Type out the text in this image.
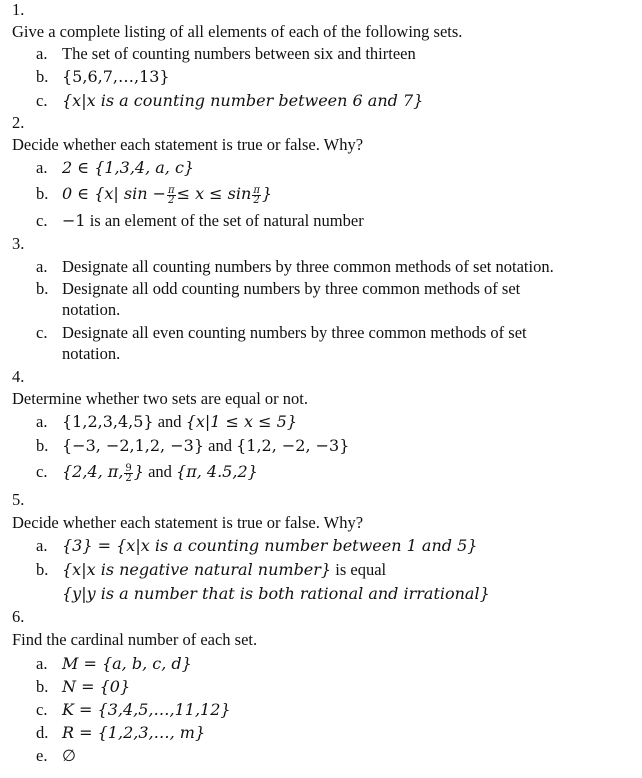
1.
Give a complete listing of all elements of each of the following sets.
a. The set of counting numbers between six and thirteen
b. {5,6,7,…,13}
c. {x|x is a counting number between 6 and 7}
2.
Decide whether each statement is true or false. Why?
a. 2 ∈ {1,3,4, a, c}
b. 0 ∈ {x| $\sin - \frac{\pi}{2} \le x \le \sin \frac{\pi}{2}$ }
c. −1 is an element of the set of natural number
3.
a. Designate all counting numbers by three common methods of set notation.
b. Designate all odd counting numbers by three common methods of set
notation.
c. Designate all even counting numbers by three common methods of set
notation.
4.
Determine whether two sets are equal or not.
a. {1,2,3,4,5} and {x|1 ≤ x ≤ 5}
b. {−3, −2,1,2, −3} and {1,2, −2, −3}
c. {2,4, π, $\frac{9}{2}$ } and {π, 4.5,2}
5.
Decide whether each statement is true or false. Why?
a. {3} = {x|x is a counting number between 1 and 5}
b. {x|x is negative natural number} is equal
{y|y is a number that is both rational and irrational}
6.
Find the cardinal number of each set.
a. M = {a, b, c, d}
b. N = {0}
c. K = {3,4,5,…,11,12}
d. R = {1,2,3,…, m}
e. ∅
